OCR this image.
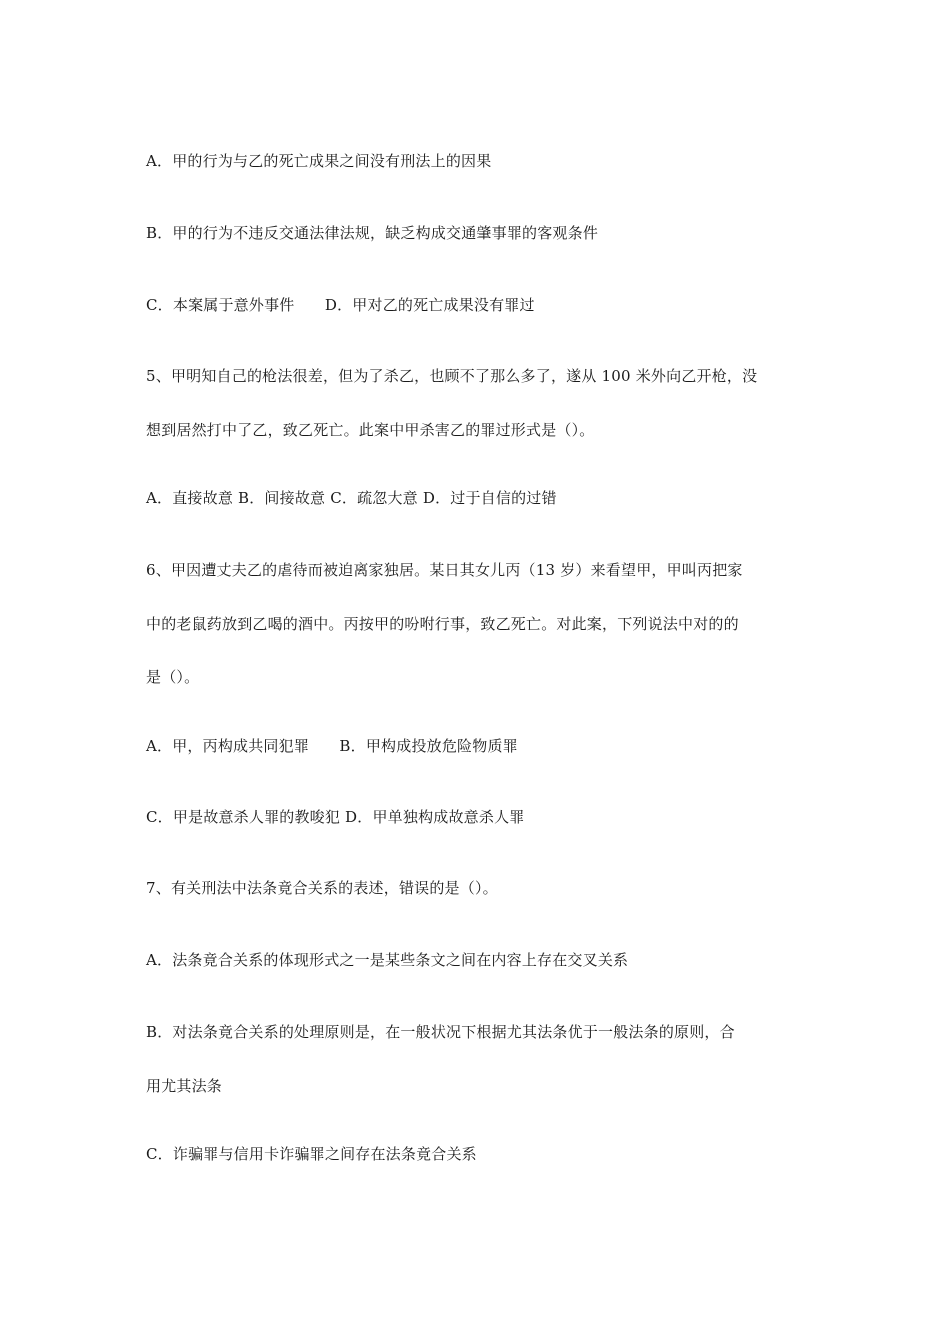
A．甲的行为与乙的死亡成果之间没有刑法上的因果
B．甲的行为不违反交通法律法规，缺乏构成交通肇事罪的客观条件
C．本案属于意外事件　　D．甲对乙的死亡成果没有罪过
5、甲明知自己的枪法很差，但为了杀乙，也顾不了那么多了，遂从 100 米外向乙开枪，没
想到居然打中了乙，致乙死亡。此案中甲杀害乙的罪过形式是（）。
A．直接故意 B．间接故意 C．疏忽大意 D．过于自信的过错
6、甲因遭丈夫乙的虐待而被迫离家独居。某日其女儿丙（13 岁）来看望甲，甲叫丙把家
中的老鼠药放到乙喝的酒中。丙按甲的吩咐行事，致乙死亡。对此案，下列说法中对的的
是（）。
A．甲，丙构成共同犯罪　　B．甲构成投放危险物质罪
C．甲是故意杀人罪的教唆犯 D．甲单独构成故意杀人罪
7、有关刑法中法条竟合关系的表述，错误的是（）。
A．法条竟合关系的体现形式之一是某些条文之间在内容上存在交叉关系
B．对法条竟合关系的处理原则是，在一般状况下根据尤其法条优于一般法条的原则，合
用尤其法条
C．诈骗罪与信用卡诈骗罪之间存在法条竟合关系
